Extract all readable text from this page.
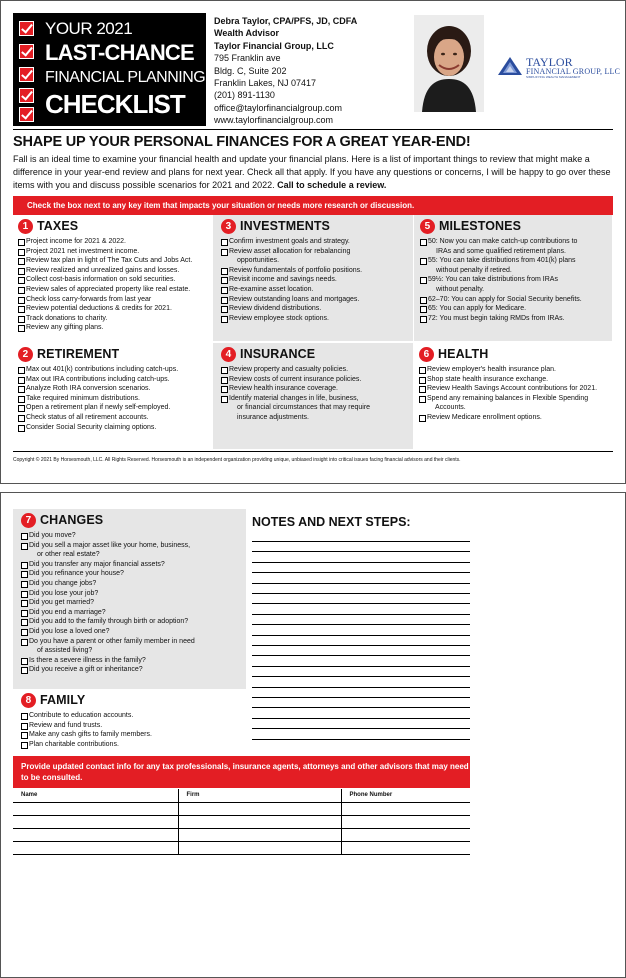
YOUR 2021
LAST-CHANCE
FINANCIAL PLANNING
CHECKLIST
Debra Taylor, CPA/PFS, JD, CDFA
Wealth Advisor
Taylor Financial Group, LLC
795 Franklin ave
Bldg. C, Suite 202
Franklin Lakes, NJ 07417
(201) 891-1130
office@taylorfinancialgroup.com
www.taylorfinancialgroup.com
TAYLOR
FINANCIAL GROUP, LLC
SIMPLIFYING WEALTH MANAGEMENT
SHAPE UP YOUR PERSONAL FINANCES FOR A GREAT YEAR-END!
Fall is an ideal time to examine your financial health and update your financial plans. Here is a list of important things to review that might make a difference in your year-end review and plans for next year. Check all that apply. If you have any questions or concerns, I will be happy to go over these items with you and discuss possible scenarios for 2021 and 2022. Call to schedule a review.
Check the box next to any key item that impacts your situation or needs more research or discussion.
1 TAXES
Project income for 2021 & 2022.
Project 2021 net investment income.
Review tax plan in light of The Tax Cuts and Jobs Act.
Review realized and unrealized gains and losses.
Collect cost-basis information on sold securities.
Review sales of appreciated property like real estate.
Check loss carry-forwards from last year
Review potential deductions & credits for 2021.
Track donations to charity.
Review any gifting plans.
3 INVESTMENTS
Confirm investment goals and strategy.
Review asset allocation for rebalancing
opportunities.
Review fundamentals of portfolio positions.
Revisit income and savings needs.
Re-examine asset location.
Review outstanding loans and mortgages.
Review dividend distributions.
Review employee stock options.
5 MILESTONES
50: Now you can make catch-up contributions to
IRAs and some qualified retirement plans.
55: You can take distributions from 401(k) plans
without penalty if retired.
59½: You can take distributions from IRAs
without penalty.
62–70: You can apply for Social Security benefits.
65: You can apply for Medicare.
72: You must begin taking RMDs from IRAs.
2 RETIREMENT
Max out 401(k) contributions including catch-ups.
Max out IRA contributions including catch-ups.
Analyze Roth IRA conversion scenarios.
Take required minimum distributions.
Open a retirement plan if newly self-employed.
Check status of all retirement accounts.
Consider Social Security claiming options.
4 INSURANCE
Review property and casualty policies.
Review costs of current insurance policies.
Review health insurance coverage.
Identify material changes in life, business,
or financial circumstances that may require
insurance adjustments.
6 HEALTH
Review employer's health insurance plan.
Shop state health insurance exchange.
Review Health Savings Account contributions for 2021.
Spend any remaining balances in Flexible Spending
Accounts.
Review Medicare enrollment options.
Copyright © 2021 By Horsesmouth, LLC. All Rights Reserved. Horsesmouth is an independent organization providing unique, unbiased insight into critical issues facing financial advisors and their clients.
7 CHANGES
Did you move?
Did you sell a major asset like your home, business,
or other real estate?
Did you transfer any major financial assets?
Did you refinance your house?
Did you change jobs?
Did you lose your job?
Did you get married?
Did you end a marriage?
Did you add to the family through birth or adoption?
Did you lose a loved one?
Do you have a parent or other family member in need
of assisted living?
Is there a severe illness in the family?
Did you receive a gift or inheritance?
8 FAMILY
Contribute to education accounts.
Review and fund trusts.
Make any cash gifts to family members.
Plan charitable contributions.
NOTES AND NEXT STEPS:
Provide updated contact info for any tax professionals, insurance agents, attorneys and other advisors that may need to be consulted.
Name	Firm	Phone Number
